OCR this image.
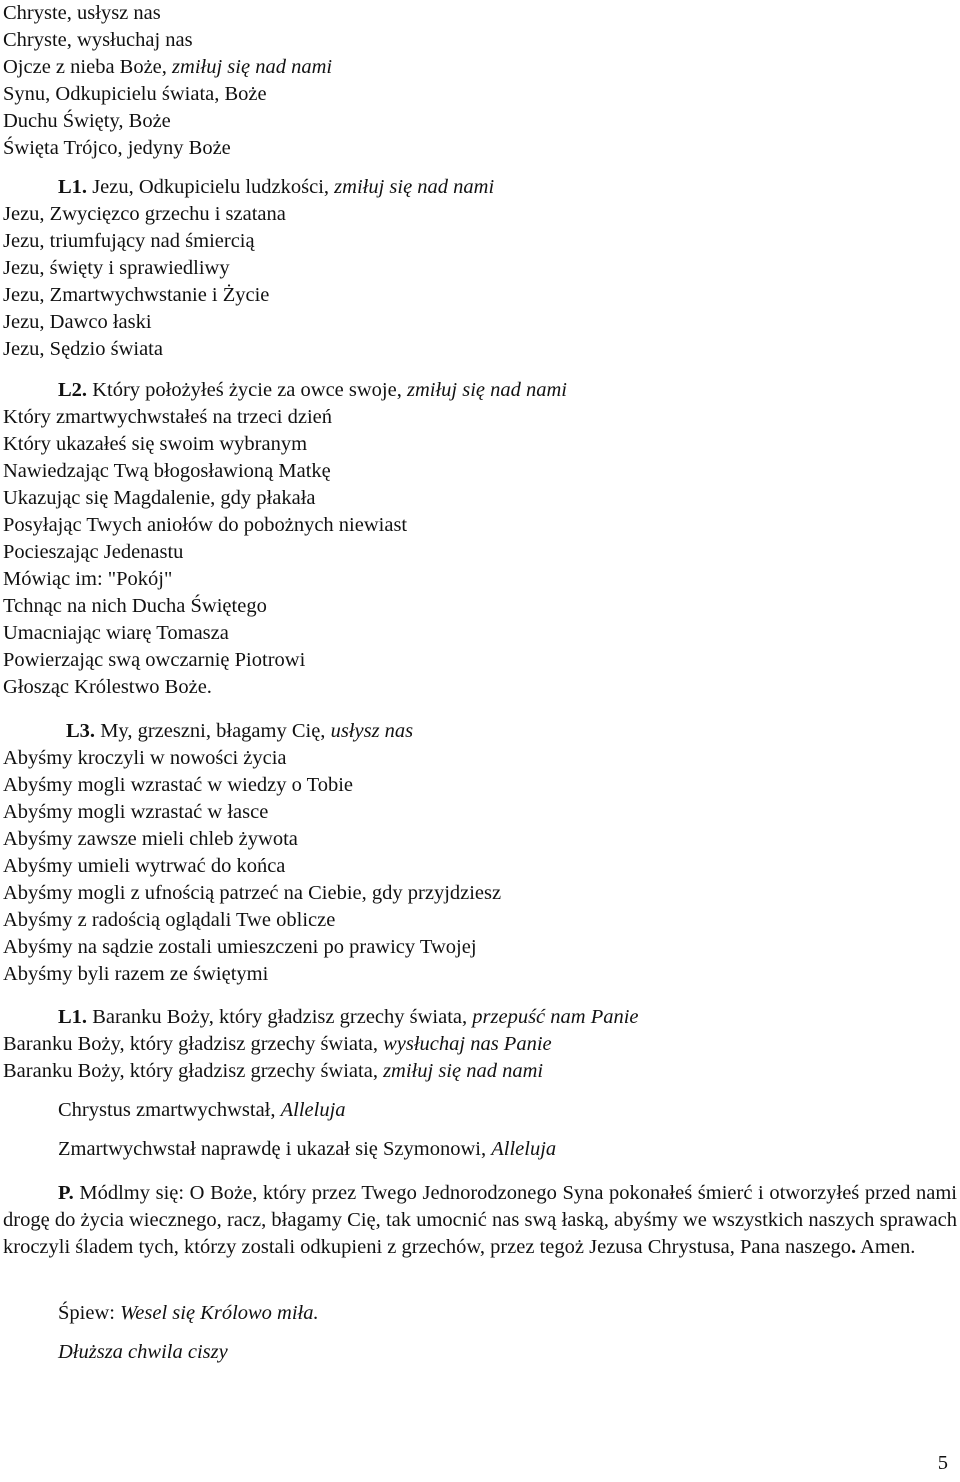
Chryste, usłysz nas
Chryste, wysłuchaj nas
Ojcze z nieba Boże, zmiłuj się nad nami
Synu, Odkupicielu świata, Boże
Duchu Święty, Boże
Święta Trójco, jedyny Boże
L1. Jezu, Odkupicielu ludzkości, zmiłuj się nad nami
Jezu, Zwycięzco grzechu i szatana
Jezu, triumfujący nad śmiercią
Jezu, święty i sprawiedliwy
Jezu, Zmartwychwstanie i Życie
Jezu, Dawco łaski
Jezu, Sędzio świata
L2. Który położyłeś życie za owce swoje, zmiłuj się nad nami
Który zmartwychwstałeś na trzeci dzień
Który ukazałeś się swoim wybranym
Nawiedzając Twą błogosławioną Matkę
Ukazując się Magdalenie, gdy płakała
Posyłając Twych aniołów do pobożnych niewiast
Pocieszając Jedenastu
Mówiąc im: "Pokój"
Tchnąc na nich Ducha Świętego
Umacniając wiarę Tomasza
Powierzając swą owczarnię Piotrowi
Głosząc Królestwo Boże.
L3. My, grzeszni, błagamy Cię, usłysz nas
Abyśmy kroczyli w nowości życia
Abyśmy mogli wzrastać w wiedzy o Tobie
Abyśmy mogli wzrastać w łasce
Abyśmy zawsze mieli chleb żywota
Abyśmy umieli wytrwać do końca
Abyśmy mogli z ufnością patrzeć na Ciebie, gdy przyjdziesz
Abyśmy z radością oglądali Twe oblicze
Abyśmy na sądzie zostali umieszczeni po prawicy Twojej
Abyśmy byli razem ze świętymi
L1. Baranku Boży, który gładzisz grzechy świata, przepuść nam Panie
Baranku Boży, który gładzisz grzechy świata, wysłuchaj nas Panie
Baranku Boży, który gładzisz grzechy świata, zmiłuj się nad nami
Chrystus zmartwychwstał, Alleluja
Zmartwychwstał naprawdę i ukazał się Szymonowi, Alleluja

P. Módlmy się: O Boże, który przez Twego Jednorodzonego Syna pokonałeś śmierć i otworzyłeś przed nami drogę do życia wiecznego, racz, błagamy Cię, tak umocnić nas swą łaską, abyśmy we wszystkich naszych sprawach kroczyli śladem tych, którzy zostali odkupieni z grzechów, przez tegoż Jezusa Chrystusa, Pana naszego. Amen.

Śpiew: Wesel się Królowo miła.
Dłuższa chwila ciszy
5
